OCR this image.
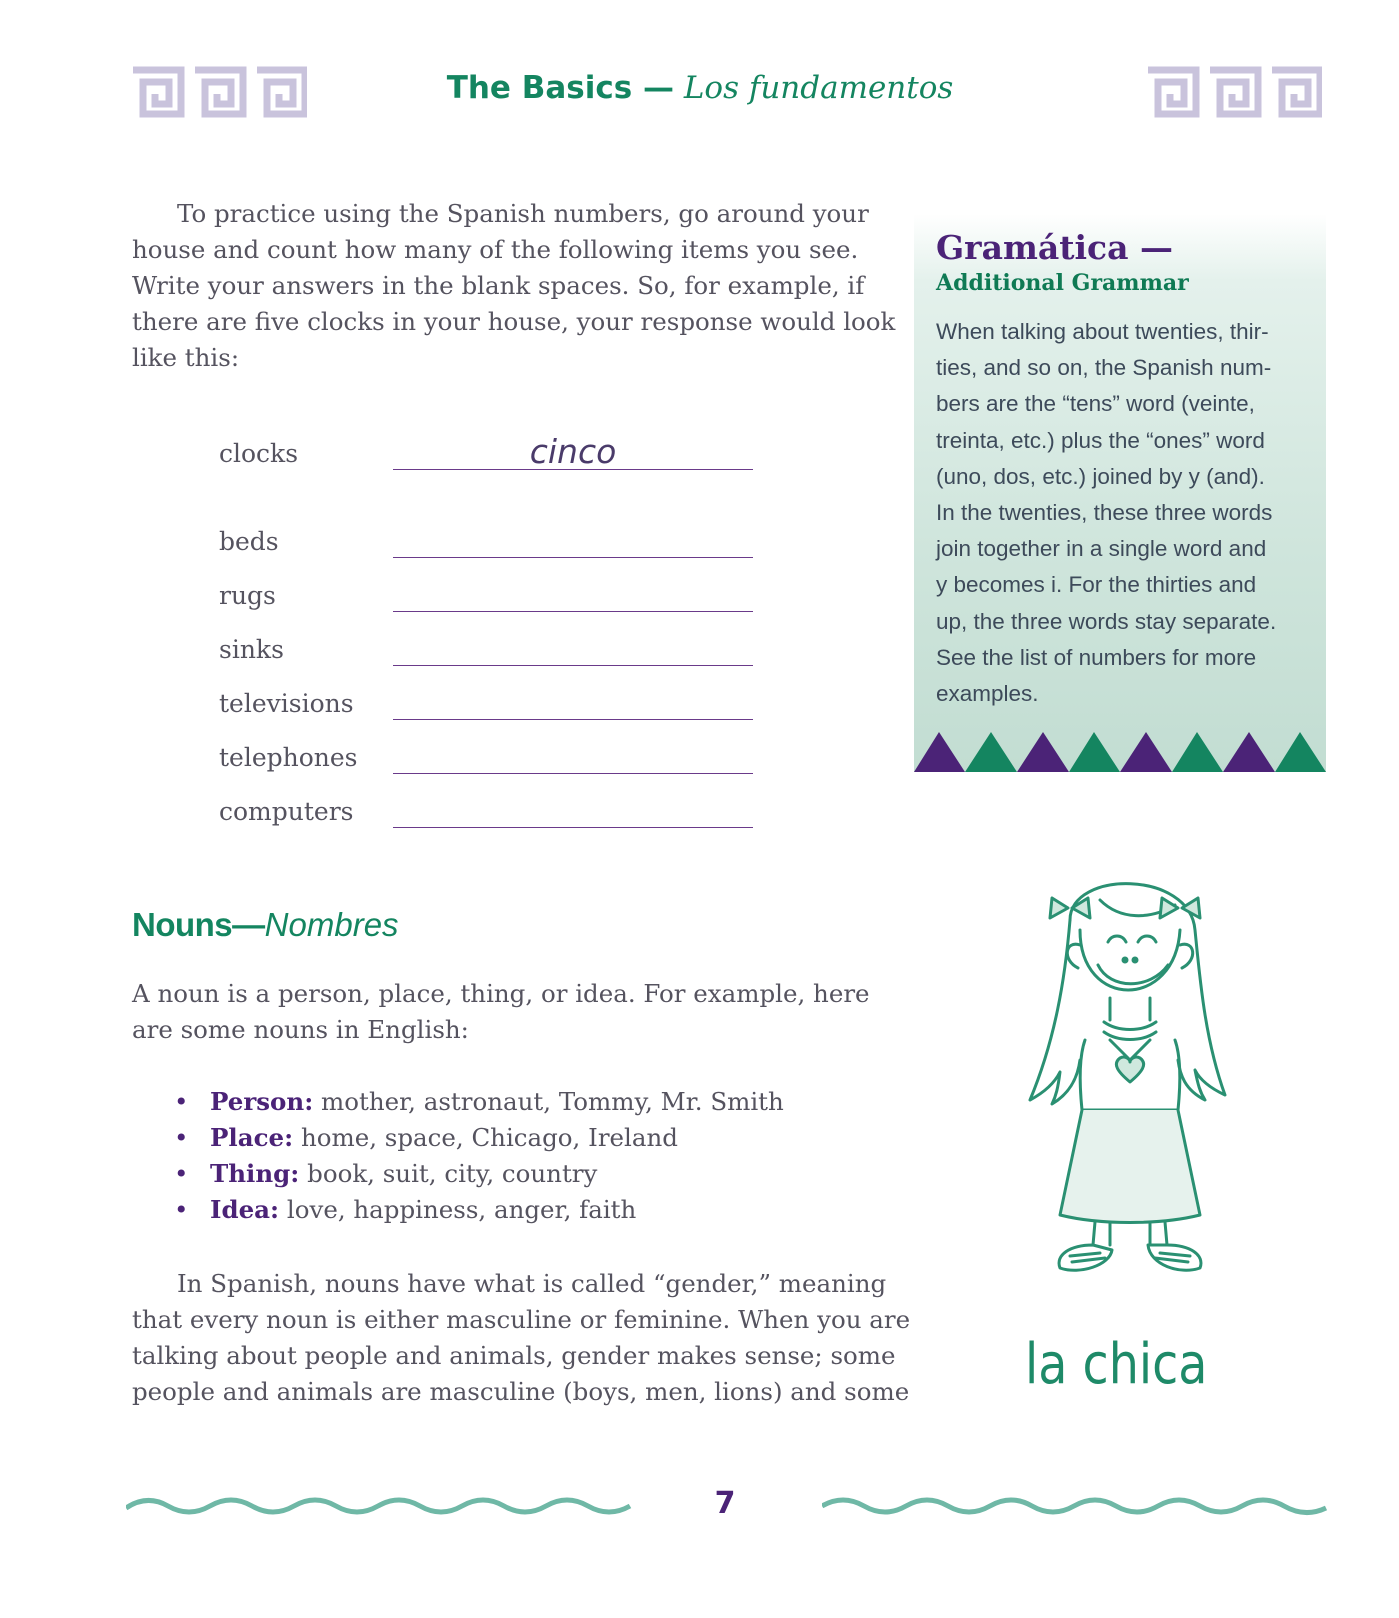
The Basics — Los fundamentos
To practice using the Spanish numbers, go around your
house and count how many of the following items you see.
Write your answers in the blank spaces. So, for example, if
there are five clocks in your house, your response would look
like this:
clocks	cinco
beds
rugs
sinks
televisions
telephones
computers
Gramática —
Additional Grammar
When talking about twenties, thir-
ties, and so on, the Spanish num-
bers are the “tens” word (veinte,
treinta, etc.) plus the “ones” word
(uno, dos, etc.) joined by y (and).
In the twenties, these three words
join together in a single word and
y becomes i. For the thirties and
up, the three words stay separate.
See the list of numbers for more
examples.
Nouns—Nombres
A noun is a person, place, thing, or idea. For example, here
are some nouns in English:
• Person: mother, astronaut, Tommy, Mr. Smith
• Place: home, space, Chicago, Ireland
• Thing: book, suit, city, country
• Idea: love, happiness, anger, faith
In Spanish, nouns have what is called “gender,” meaning
that every noun is either masculine or feminine. When you are
talking about people and animals, gender makes sense; some
people and animals are masculine (boys, men, lions) and some la chica
7
